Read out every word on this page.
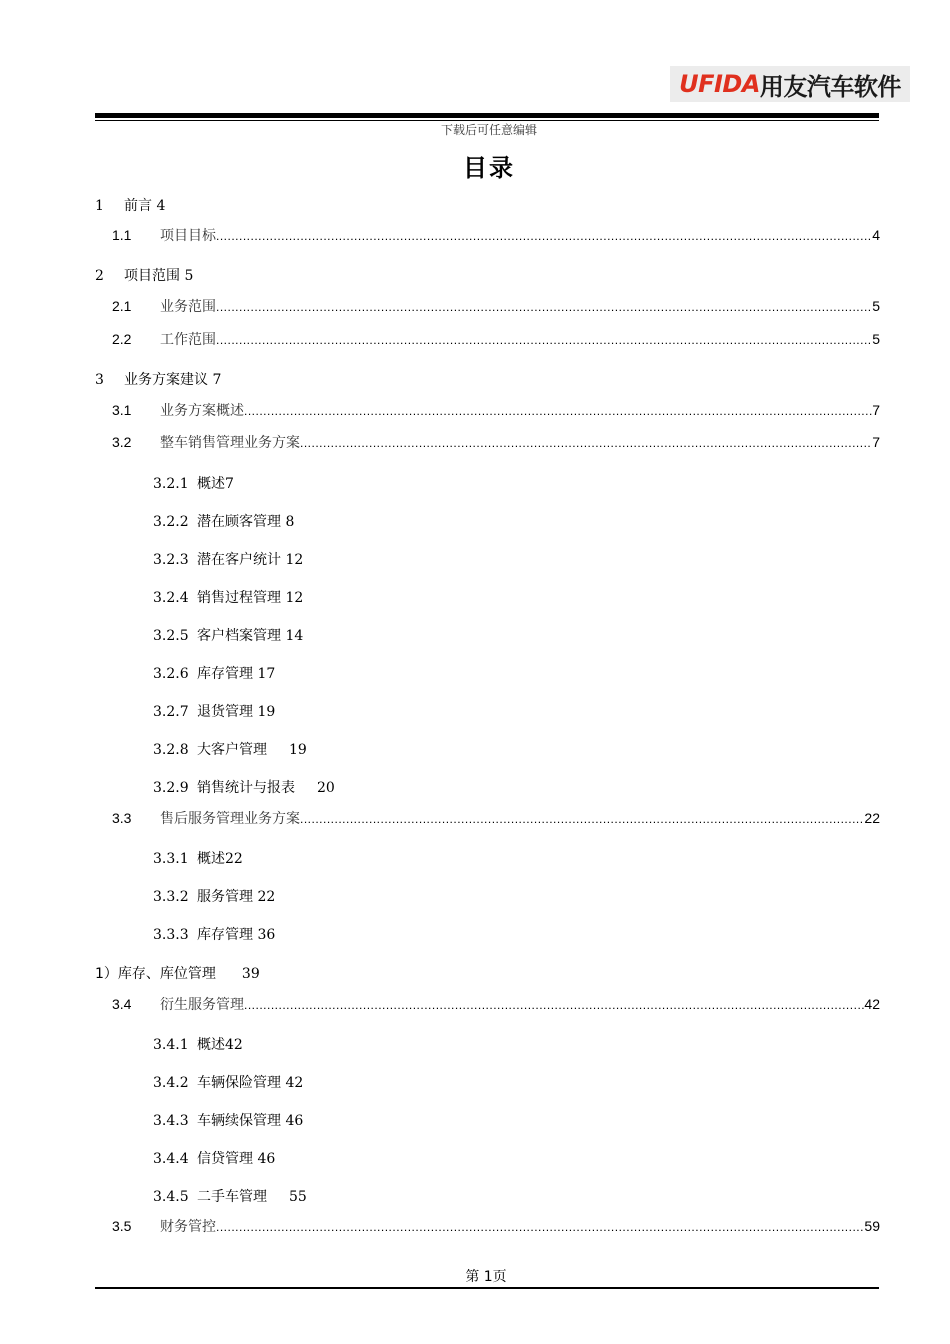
UFIDA 用友汽车软件
下载后可任意编辑
目录
1 前言 4
1.1	项目目标 .....	4
2 项目范围 5
2.1	业务范围 .....	5
2.2	工作范围 .....	5
3 业务方案建议 7
3.1	业务方案概述 .....	7
3.2	整车销售管理业务方案 .....	7
3.2.1 概述7
3.2.2 潜在顾客管理 8
3.2.3 潜在客户统计 12
3.2.4 销售过程管理 12
3.2.5 客户档案管理 14
3.2.6 库存管理 17
3.2.7 退货管理 19
3.2.8 大客户管理 19
3.2.9 销售统计与报表 20
3.3	售后服务管理业务方案 .....	22
3.3.1 概述22
3.3.2 服务管理 22
3.3.3 库存管理 36
1）库存、库位管理 39
3.4	衍生服务管理 .....	42
3.4.1 概述42
3.4.2 车辆保险管理 42
3.4.3 车辆续保管理 46
3.4.4 信贷管理 46
3.4.5 二手车管理 55
3.5	财务管控 .....	59
第 1页
